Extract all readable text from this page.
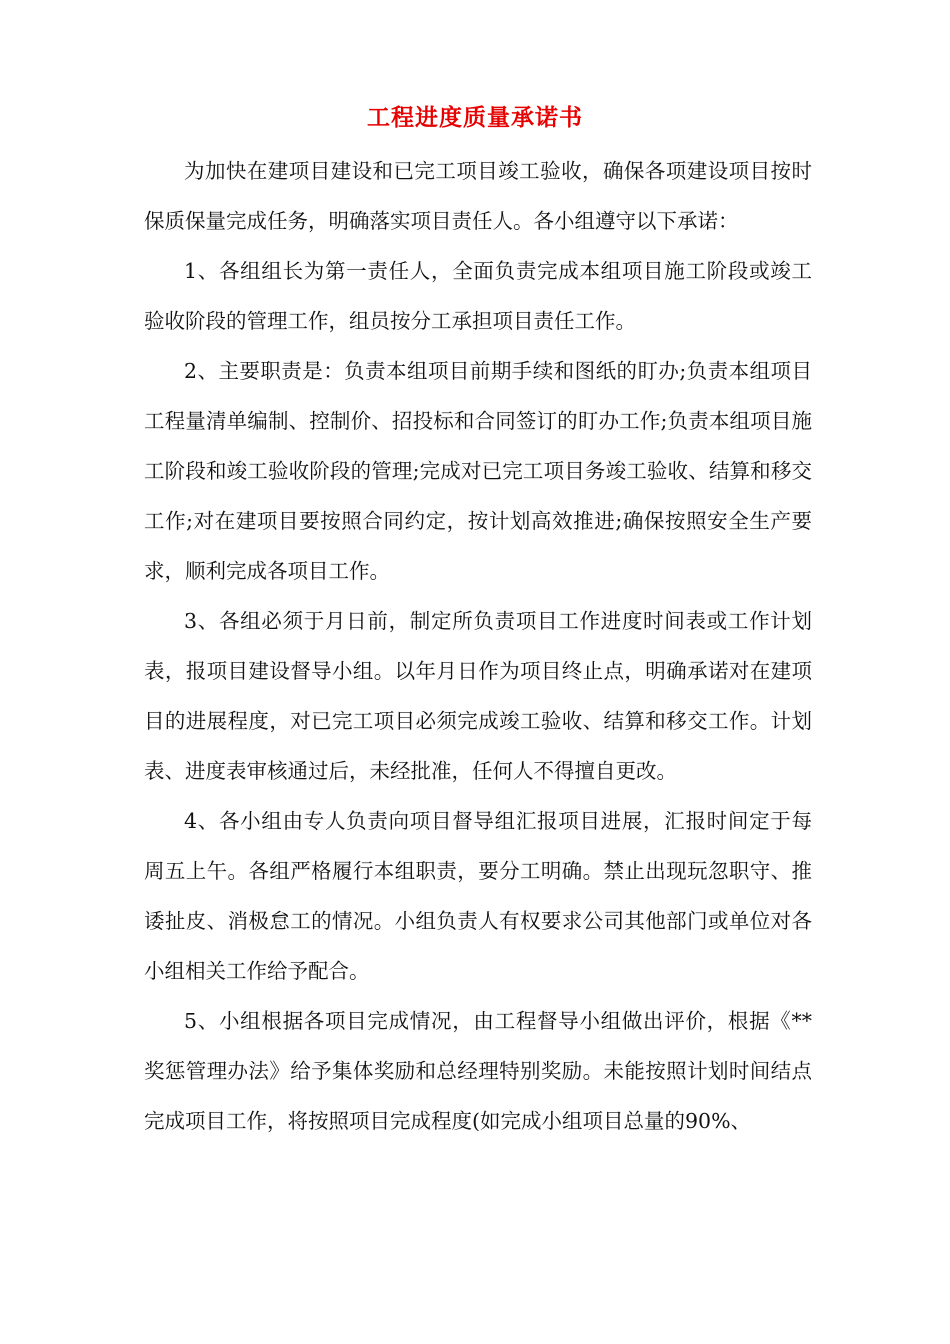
工程进度质量承诺书

为加快在建项目建设和已完工项目竣工验收，确保各项建设项目按时保质保量完成任务，明确落实项目责任人。各小组遵守以下承诺：

1、各组组长为第一责任人，全面负责完成本组项目施工阶段或竣工验收阶段的管理工作，组员按分工承担项目责任工作。

2、主要职责是：负责本组项目前期手续和图纸的盯办;负责本组项目工程量清单编制、控制价、招投标和合同签订的盯办工作;负责本组项目施工阶段和竣工验收阶段的管理;完成对已完工项目务竣工验收、结算和移交工作;对在建项目要按照合同约定，按计划高效推进;确保按照安全生产要求，顺利完成各项目工作。

3、各组必须于月日前，制定所负责项目工作进度时间表或工作计划表，报项目建设督导小组。以年月日作为项目终止点，明确承诺对在建项目的进展程度，对已完工项目必须完成竣工验收、结算和移交工作。计划表、进度表审核通过后，未经批准，任何人不得擅自更改。

4、各小组由专人负责向项目督导组汇报项目进展，汇报时间定于每周五上午。各组严格履行本组职责，要分工明确。禁止出现玩忽职守、推诿扯皮、消极怠工的情况。小组负责人有权要求公司其他部门或单位对各小组相关工作给予配合。

5、小组根据各项目完成情况，由工程督导小组做出评价，根据《**奖惩管理办法》给予集体奖励和总经理特别奖励。未能按照计划时间结点完成项目工作，将按照项目完成程度(如完成小组项目总量的90%、
